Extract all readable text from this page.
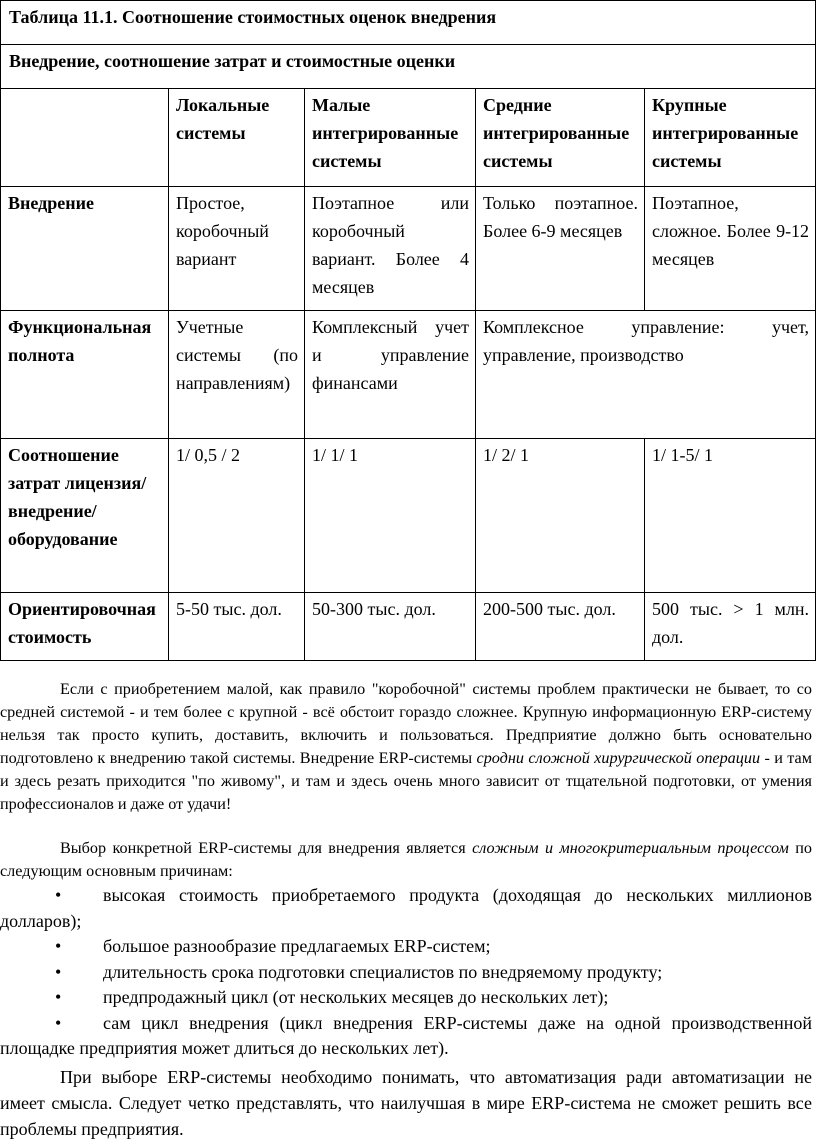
Таблица 11.1. Соотношение стоимостных оценок внедрения				
Внедрение, соотношение затрат и стоимостные оценки				
	Локальные системы	Малые интегрированные системы	Средние интегрированные системы	Крупные интегрированные системы
Внедрение	Простое, коробочный вариант	Поэтапное или коробочный вариант. Более 4 месяцев	Только поэтапное. Более 6-9 месяцев	Поэтапное, сложное. Более 9-12 месяцев
Функциональная полнота	Учетные системы (по направлениям)	Комплексный учет и управление финансами	Комплексное управление: учет, управление, производство	
Соотношение затрат лицензия/ внедрение/ оборудование	1/ 0,5 / 2	1/ 1/ 1	1/ 2/ 1	1/ 1-5/ 1
Ориентировочная стоимость	5-50 тыс. дол.	50-300 тыс. дол.	200-500 тыс. дол.	500 тыс. > 1 млн. дол.

Если с приобретением малой, как правило "коробочной" системы проблем практически не бывает, то со средней системой - и тем более с крупной - всё обстоит гораздо сложнее. Крупную информационную ERP-систему нельзя так просто купить, доставить, включить и пользоваться. Предприятие должно быть основательно подготовлено к внедрению такой системы. Внедрение ERP-системы сродни сложной хирургической операции - и там и здесь резать приходится "по живому", и там и здесь очень много зависит от тщательной подготовки, от умения профессионалов и даже от удачи!

Выбор конкретной ERP-системы для внедрения является сложным и многокритериальным процессом по следующим основным причинам:

• высокая стоимость приобретаемого продукта (доходящая до нескольких миллионов долларов);
• большое разнообразие предлагаемых ERP-систем;
• длительность срока подготовки специалистов по внедряемому продукту;
• предпродажный цикл (от нескольких месяцев до нескольких лет);
• сам цикл внедрения (цикл внедрения ERP-системы даже на одной производственной площадке предприятия может длиться до нескольких лет).

При выборе ERP-системы необходимо понимать, что автоматизация ради автоматизации не имеет смысла. Следует четко представлять, что наилучшая в мире ERP-система не сможет решить все проблемы предприятия.
